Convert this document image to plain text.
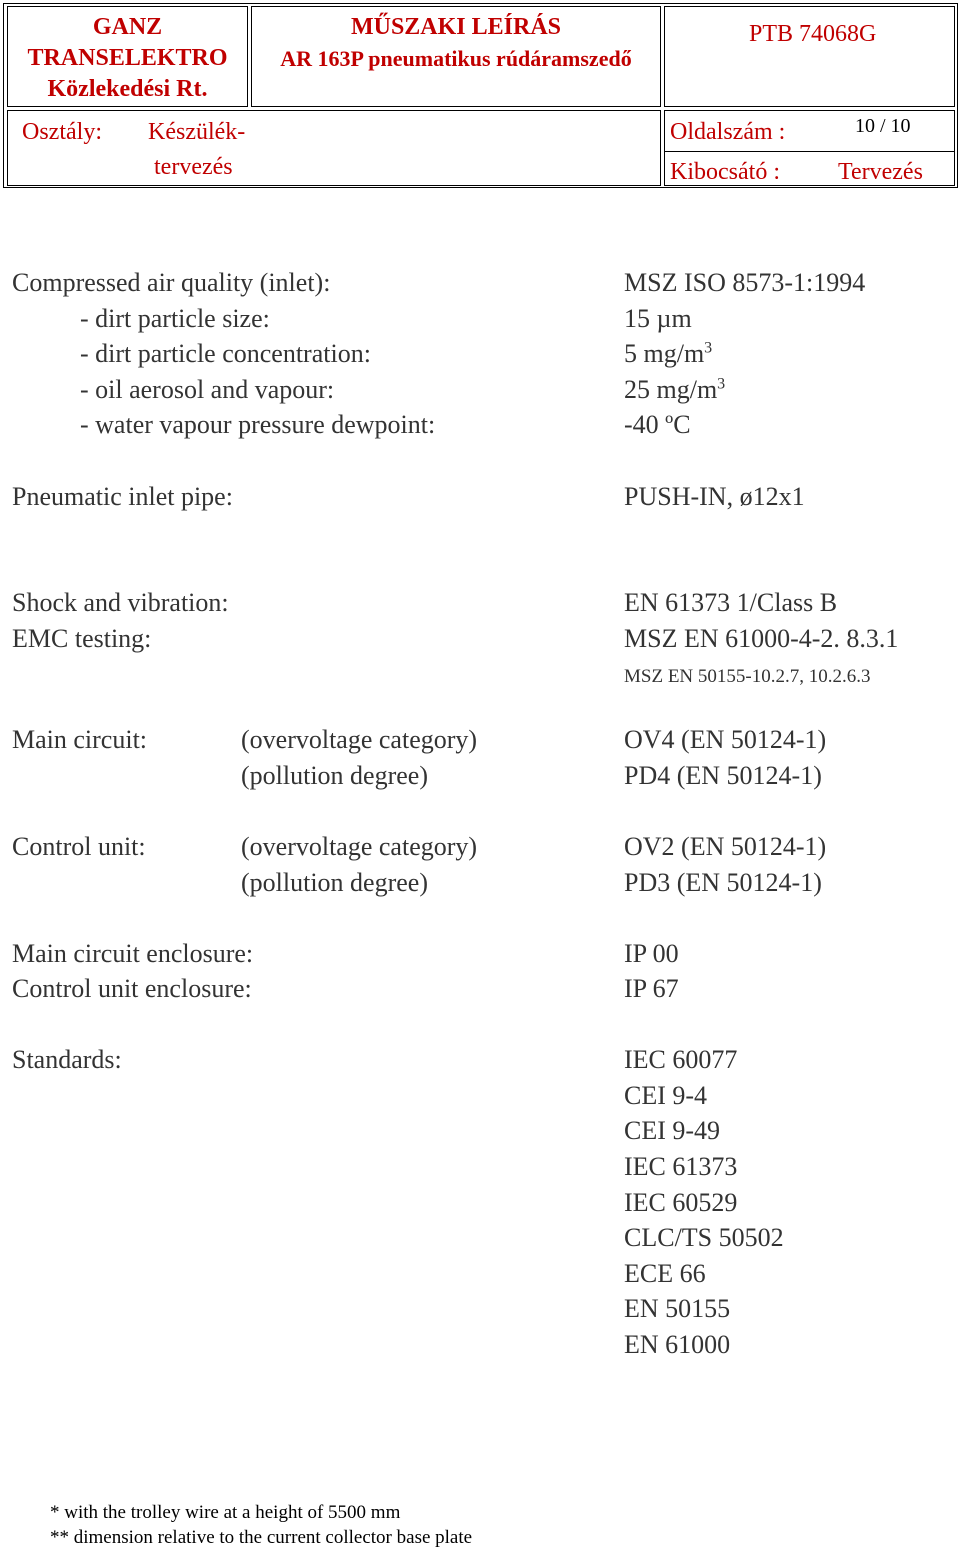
GANZ
TRANSELEKTRO
Közlekedési Rt.
MŰSZAKI LEÍRÁS
AR 163P pneumatikus rúdáramszedő
PTB 74068G
Osztály: Készülék-
tervezés
Oldalszám :	10 / 10
Kibocsátó : Tervezés
Compressed air quality (inlet):	MSZ ISO 8573-1:1994
- dirt particle size:	15 µm
- dirt particle concentration:	5 $mg/m^3$
- oil aerosol and vapour:	25 $mg/m^3$
- water vapour pressure dewpoint:	-40 ºC
Pneumatic inlet pipe:	PUSH-IN, ø12x1
Shock and vibration:	EN 61373 1/Class B
EMC testing:	MSZ EN 61000-4-2. 8.3.1
MSZ EN 50155-10.2.7, 10.2.6.3
Main circuit:	(overvoltage category)	OV4 (EN 50124-1)
(pollution degree)	PD4 (EN 50124-1)
Control unit:	(overvoltage category)	OV2 (EN 50124-1)
(pollution degree)	PD3 (EN 50124-1)
Main circuit enclosure:	IP 00
Control unit enclosure:	IP 67
Standards:	IEC 60077
CEI 9-4
CEI 9-49
IEC 61373
IEC 60529
CLC/TS 50502
ECE 66
EN 50155
EN 61000
* with the trolley wire at a height of 5500 mm
** dimension relative to the current collector base plate
